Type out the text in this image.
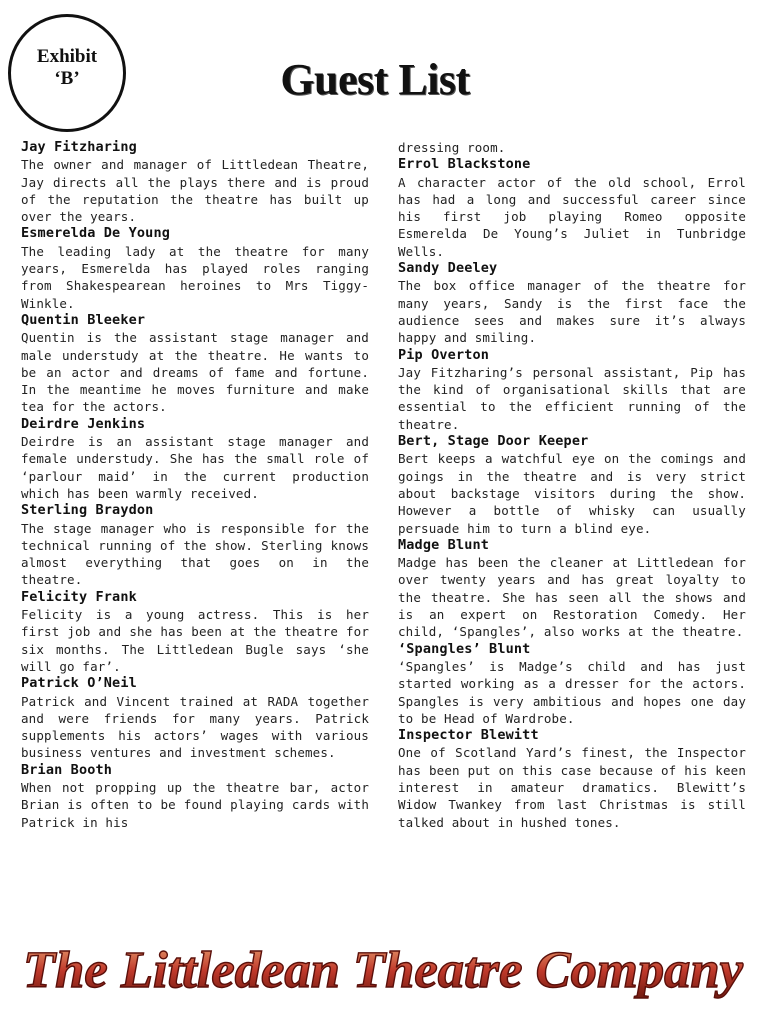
Exhibit
‘B’	Guest List
Jay Fitzharing
The owner and manager of Littledean Theatre, Jay directs all the plays there and is proud of the reputation the theatre has built up over the years.
Esmerelda De Young
The leading lady at the theatre for many years, Esmerelda has played roles ranging from Shakespearean heroines to Mrs Tiggy-Winkle.
Quentin Bleeker
Quentin is the assistant stage manager and male understudy at the theatre. He wants to be an actor and dreams of fame and fortune. In the meantime he moves furniture and make tea for the actors.
Deirdre Jenkins
Deirdre is an assistant stage manager and female understudy. She has the small role of ‘parlour maid’ in the current production which has been warmly received.
Sterling Braydon
The stage manager who is responsible for the technical running of the show. Sterling knows almost everything that goes on in the theatre.
Felicity Frank
Felicity is a young actress. This is her first job and she has been at the theatre for six months. The Littledean Bugle says ‘she will go far’.
Patrick O’Neil
Patrick and Vincent trained at RADA together and were friends for many years. Patrick supplements his actors’ wages with various business ventures and investment schemes.
Brian Booth
When not propping up the theatre bar, actor Brian is often to be found playing cards with Patrick in his
dressing room.
Errol Blackstone
A character actor of the old school, Errol has had a long and successful career since his first job playing Romeo opposite Esmerelda De Young’s Juliet in Tunbridge Wells.
Sandy Deeley
The box office manager of the theatre for many years, Sandy is the first face the audience sees and makes sure it’s always happy and smiling.
Pip Overton
Jay Fitzharing’s personal assistant, Pip has the kind of organisational skills that are essential to the efficient running of the theatre.
Bert, Stage Door Keeper
Bert keeps a watchful eye on the comings and goings in the theatre and is very strict about backstage visitors during the show. However a bottle of whisky can usually persuade him to turn a blind eye.
Madge Blunt
Madge has been the cleaner at Littledean for over twenty years and has great loyalty to the theatre. She has seen all the shows and is an expert on Restoration Comedy. Her child, ‘Spangles’, also works at the theatre.
‘Spangles’ Blunt
‘Spangles’ is Madge’s child and has just started working as a dresser for the actors. Spangles is very ambitious and hopes one day to be Head of Wardrobe.
Inspector Blewitt
One of Scotland Yard’s finest, the Inspector has been put on this case because of his keen interest in amateur dramatics. Blewitt’s Widow Twankey from last Christmas is still talked about in hushed tones.
The Littledean Theatre Company
